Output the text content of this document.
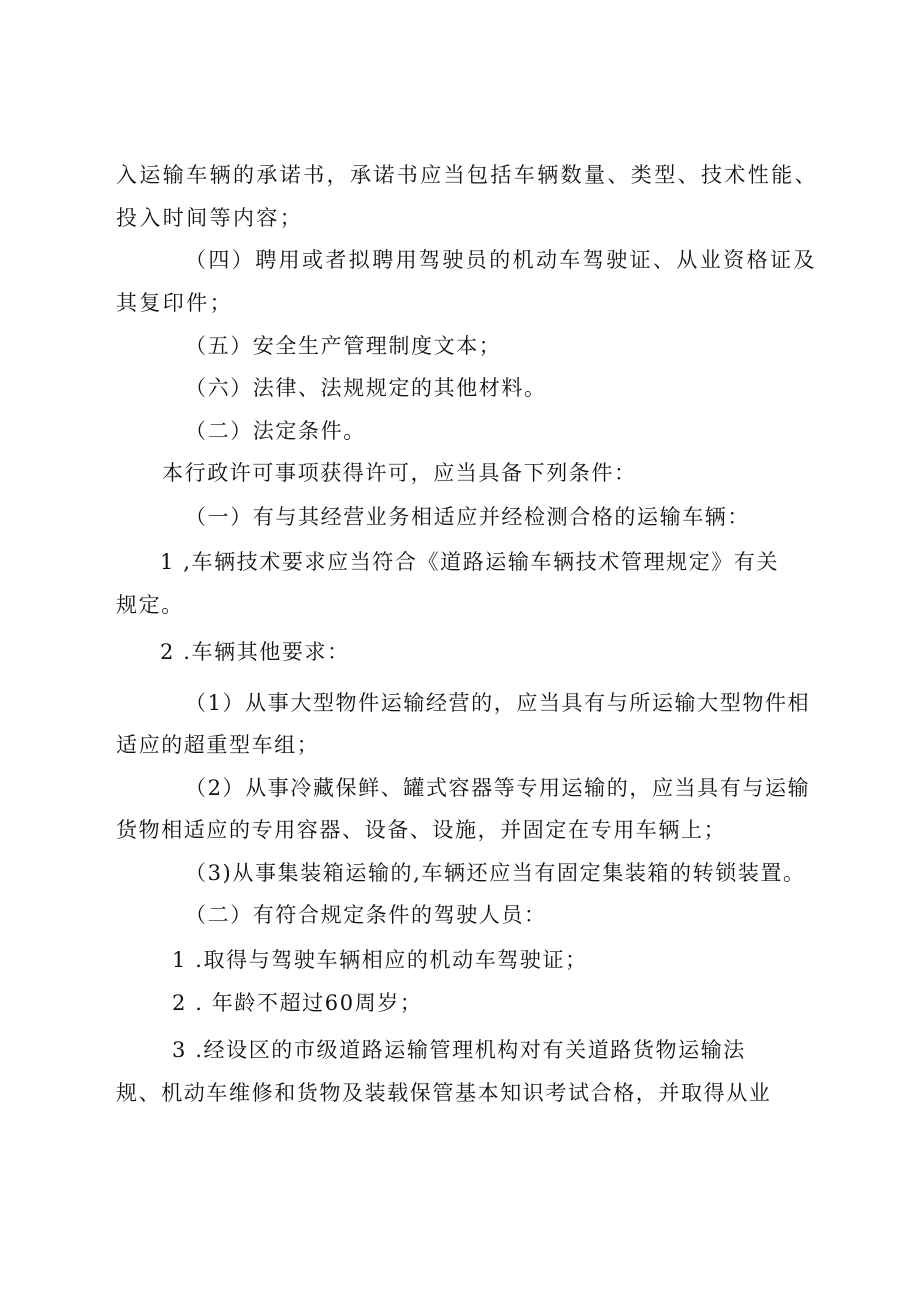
入运输车辆的承诺书，承诺书应当包括车辆数量、类型、技术性能、
投入时间等内容；
（四）聘用或者拟聘用驾驶员的机动车驾驶证、从业资格证及
其复印件；
（五）安全生产管理制度文本；
（六）法律、法规规定的其他材料。
（二）法定条件。
本行政许可事项获得许可，应当具备下列条件：
（一）有与其经营业务相适应并经检测合格的运输车辆：
1 ,车辆技术要求应当符合《道路运输车辆技术管理规定》有关
规定。
2 .车辆其他要求：
（1）从事大型物件运输经营的，应当具有与所运输大型物件相
适应的超重型车组；
（2）从事冷藏保鲜、罐式容器等专用运输的，应当具有与运输
货物相适应的专用容器、设备、设施，并固定在专用车辆上；
（3)从事集装箱运输的,车辆还应当有固定集装箱的转锁装置。
（二）有符合规定条件的驾驶人员：
1 .取得与驾驶车辆相应的机动车驾驶证；
2 . 年龄不超过60周岁；
3 .经设区的市级道路运输管理机构对有关道路货物运输法
规、机动车维修和货物及装载保管基本知识考试合格，并取得从业
